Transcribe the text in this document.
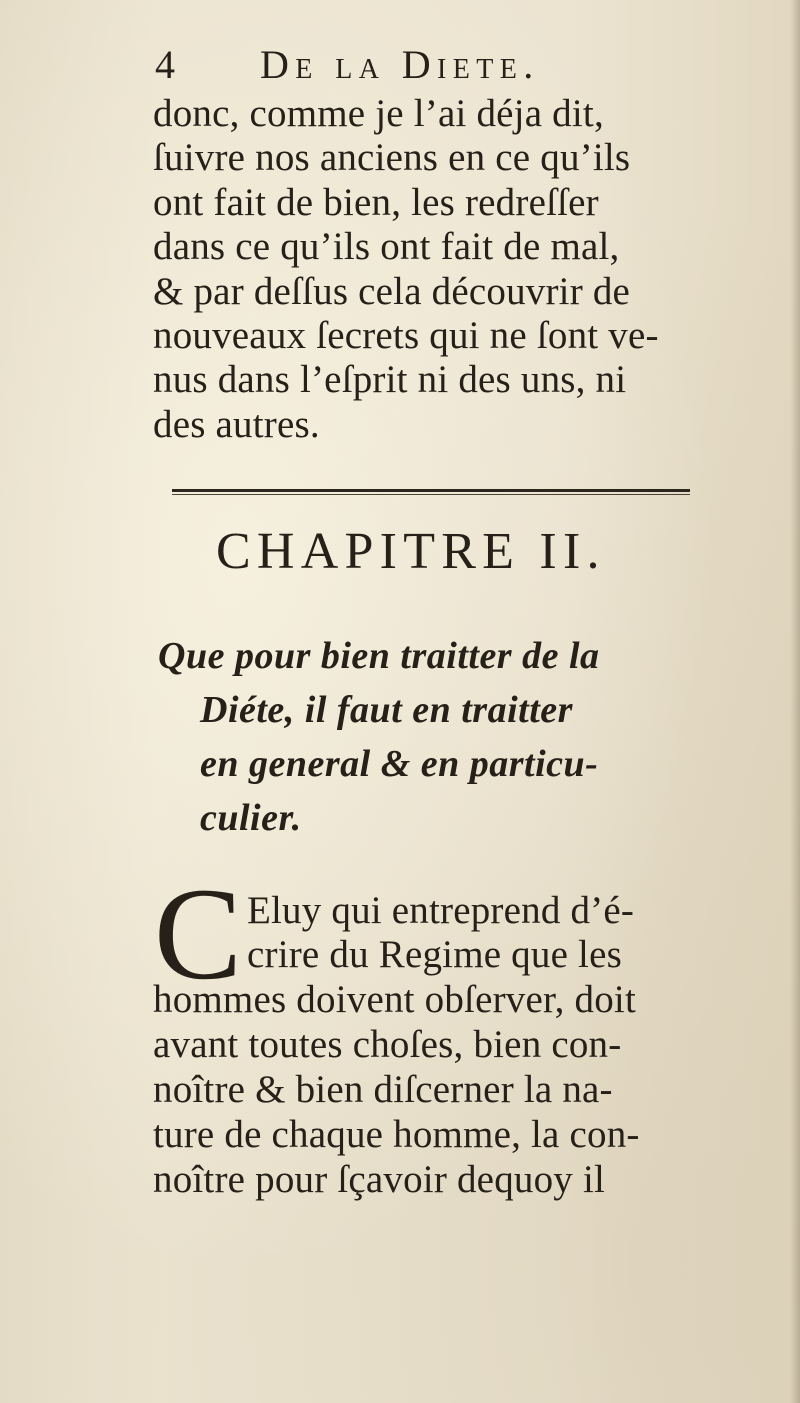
4 De la Diete.
donc, comme je l’ai déja dit,
ſuivre nos anciens en ce qu’ils
ont fait de bien, les redreſſer
dans ce qu’ils ont fait de mal,
& par deſſus cela découvrir de
nouveaux ſecrets qui ne ſont ve-
nus dans l’eſprit ni des uns, ni
des autres.
CHAPITRE II.
Que pour bien traitter de la
Diéte, il faut en traitter
en general & en particu-
culier.
C Eluy qui entreprend d’é-
crire du Regime que les
hommes doivent obſerver, doit
avant toutes choſes, bien con-
noître & bien diſcerner la na-
ture de chaque homme, la con-
noître pour ſçavoir dequoy il
